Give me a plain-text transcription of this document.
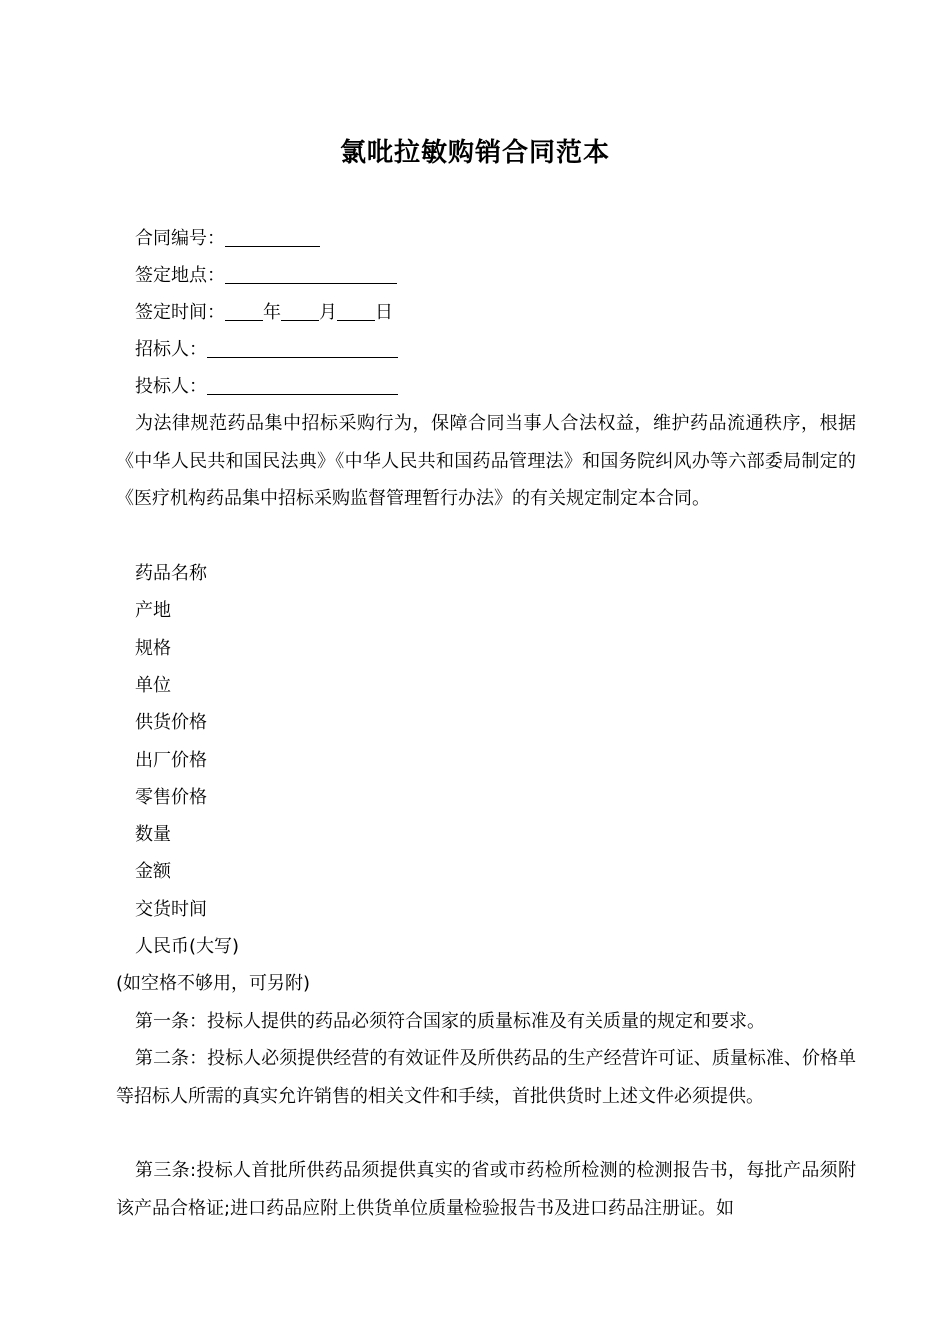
氯吡拉敏购销合同范本
合同编号：
签定地点：
签定时间： 年 月 日
招标人：
投标人：
为法律规范药品集中招标采购行为，保障合同当事人合法权益，维护药品流通秩序，根据《中华人民共和国民法典》《中华人民共和国药品管理法》和国务院纠风办等六部委局制定的《医疗机构药品集中招标采购监督管理暂行办法》的有关规定制定本合同。
药品名称
产地
规格
单位
供货价格
出厂价格
零售价格
数量
金额
交货时间
人民币(大写)
(如空格不够用，可另附)
第一条：投标人提供的药品必须符合国家的质量标准及有关质量的规定和要求。
第二条：投标人必须提供经营的有效证件及所供药品的生产经营许可证、质量标准、价格单等招标人所需的真实允许销售的相关文件和手续，首批供货时上述文件必须提供。
第三条:投标人首批所供药品须提供真实的省或市药检所检测的检测报告书，每批产品须附该产品合格证;进口药品应附上供货单位质量检验报告书及进口药品注册证。如
